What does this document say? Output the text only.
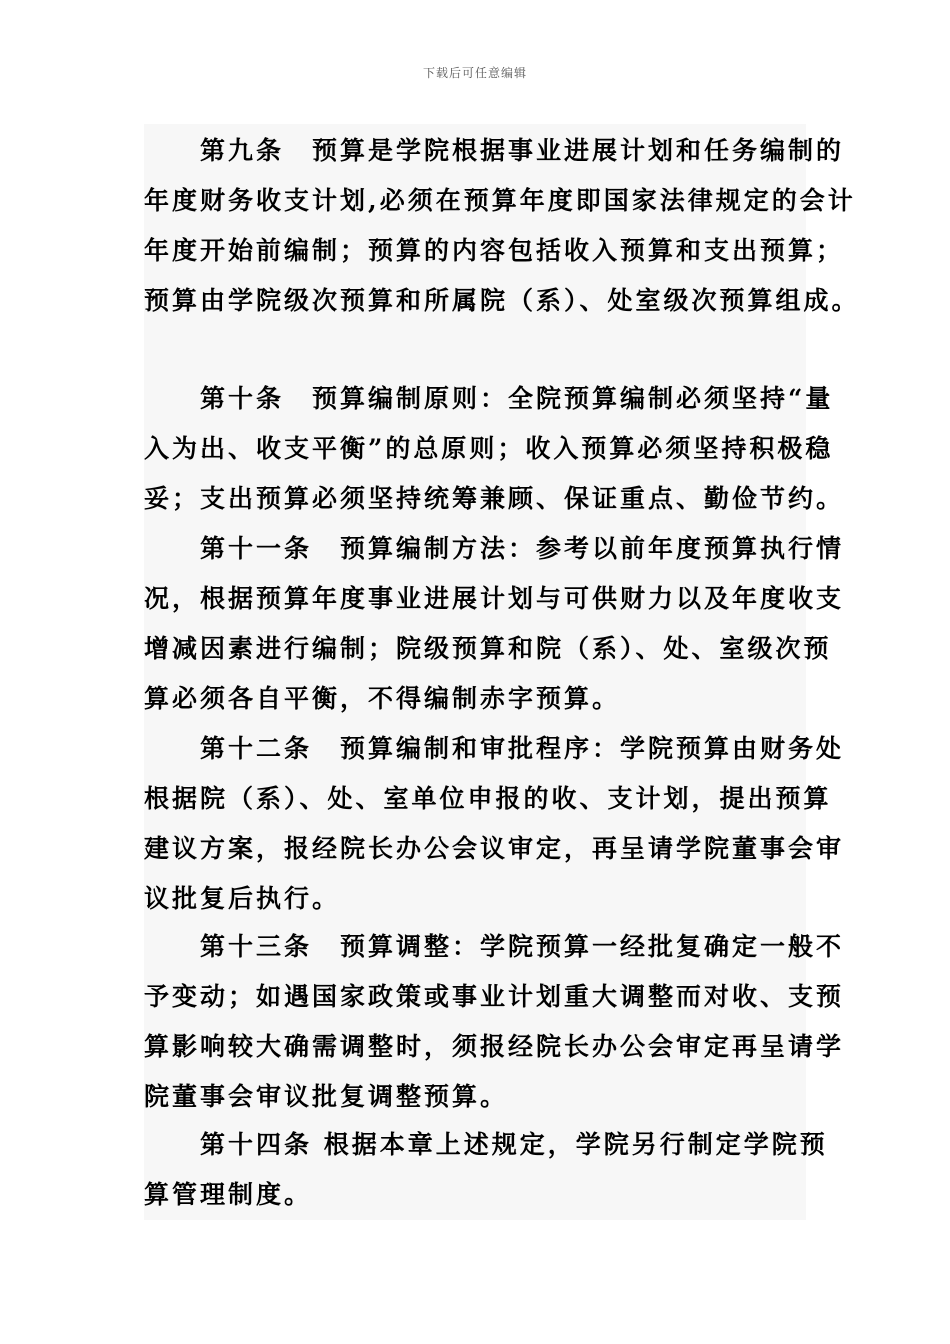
下载后可任意编辑
　　第九条　预算是学院根据事业进展计划和任务编制的
年度财务收支计划,必须在预算年度即国家法律规定的会计
年度开始前编制；预算的内容包括收入预算和支出预算；
预算由学院级次预算和所属院（系）、处室级次预算组成。
　　第十条　预算编制原则：全院预算编制必须坚持“量
入为出、收支平衡”的总原则；收入预算必须坚持积极稳
妥；支出预算必须坚持统筹兼顾、保证重点、勤俭节约。
　　第十一条　预算编制方法：参考以前年度预算执行情
况，根据预算年度事业进展计划与可供财力以及年度收支
增减因素进行编制；院级预算和院（系）、处、室级次预
算必须各自平衡，不得编制赤字预算。
　　第十二条　预算编制和审批程序：学院预算由财务处
根据院（系）、处、室单位申报的收、支计划，提出预算
建议方案，报经院长办公会议审定，再呈请学院董事会审
议批复后执行。
　　第十三条　预算调整：学院预算一经批复确定一般不
予变动；如遇国家政策或事业计划重大调整而对收、支预
算影响较大确需调整时，须报经院长办公会审定再呈请学
院董事会审议批复调整预算。
　　第十四条 根据本章上述规定，学院另行制定学院预
算管理制度。
